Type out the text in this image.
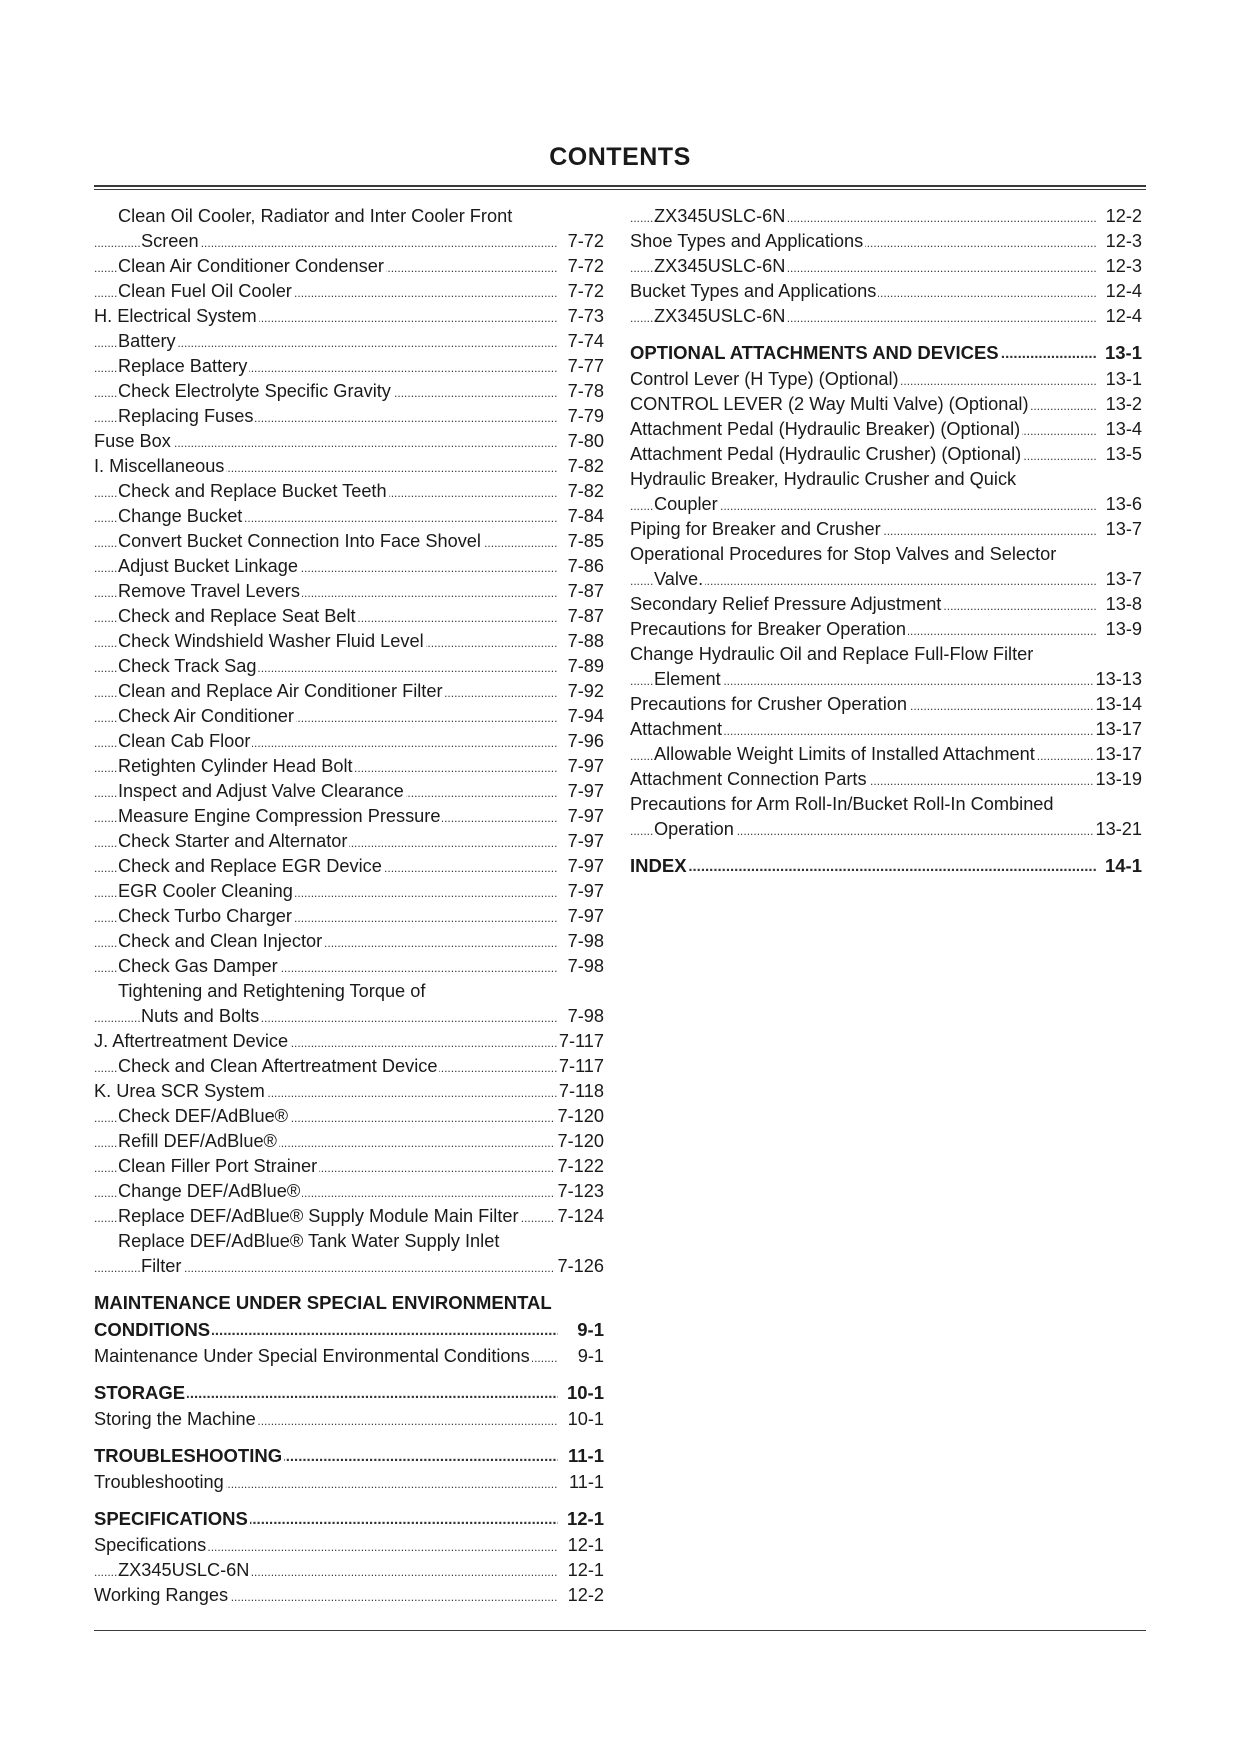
CONTENTS
Clean Oil Cooler, Radiator and Inter Cooler Front
Screen	7-72
.....
Clean Air Conditioner Condenser	7-72
.....
Clean Fuel Oil Cooler	7-72
.....
H. Electrical System	7-73
.....
Battery	7-74
.....
Replace Battery	7-77
.....
Check Electrolyte Specific Gravity	7-78
.....
Replacing Fuses	7-79
.....
Fuse Box	7-80
.....
I. Miscellaneous	7-82
.....
Check and Replace Bucket Teeth	7-82
.....
Change Bucket	7-84
.....
Convert Bucket Connection Into Face Shovel	7-85
.....
Adjust Bucket Linkage	7-86
.....
Remove Travel Levers	7-87
.....
Check and Replace Seat Belt	7-87
.....
Check Windshield Washer Fluid Level	7-88
.....
Check Track Sag	7-89
.....
Clean and Replace Air Conditioner Filter	7-92
.....
Check Air Conditioner	7-94
.....
Clean Cab Floor	7-96
.....
Retighten Cylinder Head Bolt	7-97
.....
Inspect and Adjust Valve Clearance	7-97
.....
Measure Engine Compression Pressure	7-97
.....
Check Starter and Alternator	7-97
.....
Check and Replace EGR Device	7-97
.....
EGR Cooler Cleaning	7-97
.....
Check Turbo Charger	7-97
.....
Check and Clean Injector	7-98
.....
Check Gas Damper	7-98
.....
Tightening and Retightening Torque of
Nuts and Bolts	7-98
.....
J. Aftertreatment Device	7-117
.....
Check and Clean Aftertreatment Device	7-117
.....
K. Urea SCR System	7-118
.....
Check DEF/AdBlue®	7-120
.....
Refill DEF/AdBlue®	7-120
.....
Clean Filler Port Strainer	7-122
.....
Change DEF/AdBlue®	7-123
.....
Replace DEF/AdBlue® Supply Module Main Filter 7-124
.....
Replace DEF/AdBlue® Tank Water Supply Inlet
Filter	7-126
.....
MAINTENANCE UNDER SPECIAL ENVIRONMENTAL
CONDITIONS	9-1
.....
Maintenance Under Special Environmental Conditions	9-1
.....
STORAGE	10-1
.....
Storing the Machine	10-1
.....
TROUBLESHOOTING	11-1
.....
Troubleshooting	11-1
.....
SPECIFICATIONS	12-1
.....
Specifications	12-1
.....
ZX345USLC-6N	12-1
.....
Working Ranges	12-2
.....
ZX345USLC-6N	12-2
.....
Shoe Types and Applications	12-3
.....
ZX345USLC-6N	12-3
.....
Bucket Types and Applications	12-4
.....
ZX345USLC-6N	12-4
.....
OPTIONAL ATTACHMENTS AND DEVICES	13-1
.....
Control Lever (H Type) (Optional)	13-1
.....
CONTROL LEVER (2 Way Multi Valve) (Optional)	13-2
.....
Attachment Pedal (Hydraulic Breaker) (Optional)	13-4
.....
Attachment Pedal (Hydraulic Crusher) (Optional)	13-5
.....
Hydraulic Breaker, Hydraulic Crusher and Quick
Coupler	13-6
.....
Piping for Breaker and Crusher	13-7
.....
Operational Procedures for Stop Valves and Selector
Valve.	13-7
.....
Secondary Relief Pressure Adjustment	13-8
.....
Precautions for Breaker Operation	13-9
.....
Change Hydraulic Oil and Replace Full-Flow Filter
Element	13-13
.....
Precautions for Crusher Operation	13-14
.....
Attachment	13-17
.....
Allowable Weight Limits of Installed Attachment	13-17
.....
Attachment Connection Parts	13-19
.....
Precautions for Arm Roll-In/Bucket Roll-In Combined
Operation	13-21
.....
INDEX	14-1
.....
